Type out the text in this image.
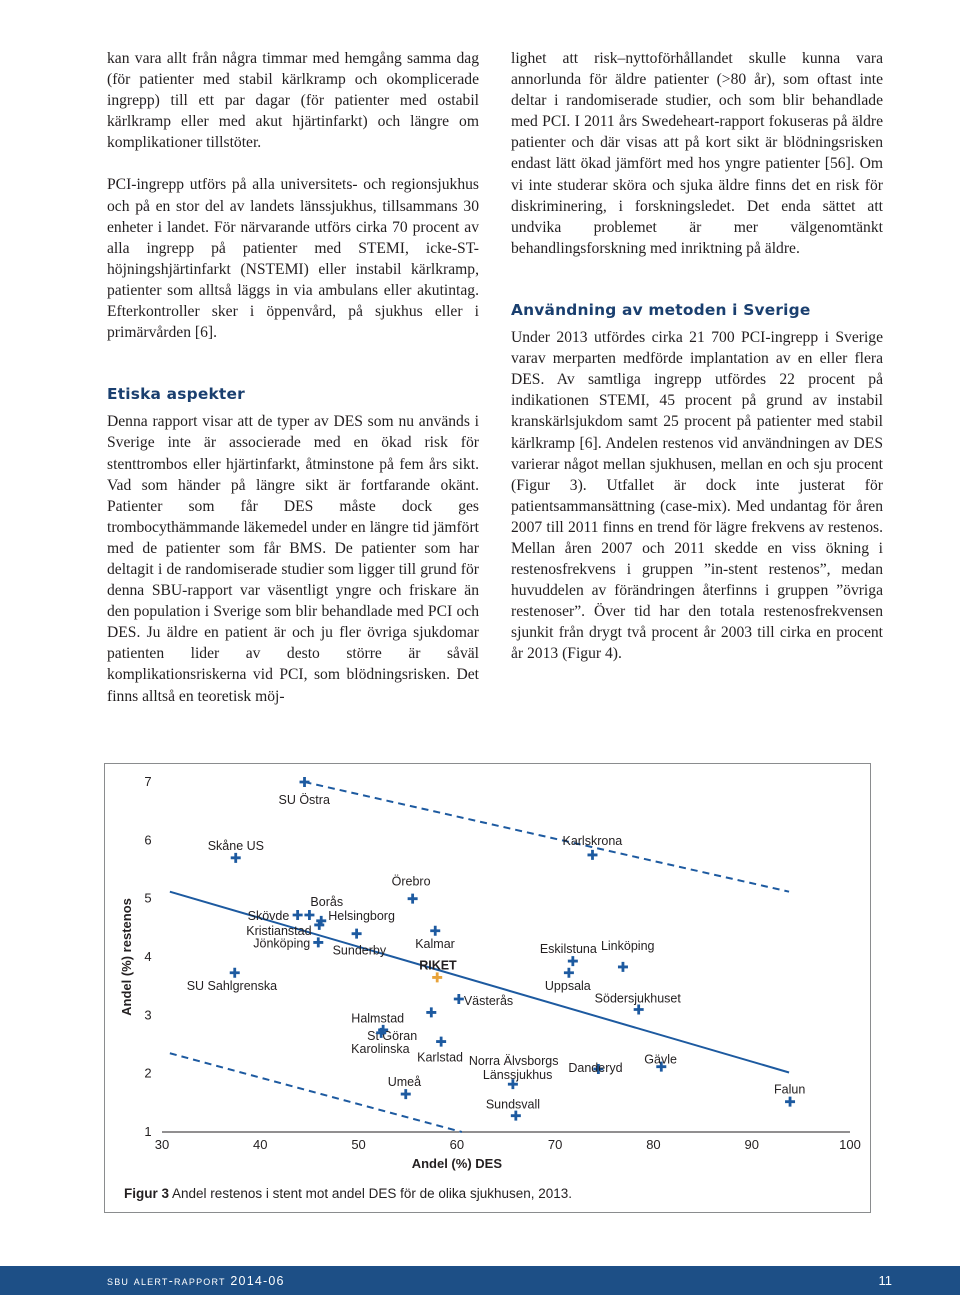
kan vara allt från några timmar med hemgång samma dag (för patienter med stabil kärlkramp och okomplicerade ingrepp) till ett par dagar (för patienter med ostabil kärlkramp eller med akut hjärtinfarkt) och längre om komplikationer tillstöter.

PCI-ingrepp utförs på alla universitets- och regionsjukhus och på en stor del av landets länssjukhus, tillsammans 30 enheter i landet. För närvarande utförs cirka 70 procent av alla ingrepp på patienter med STEMI, icke-ST-höjningshjärtinfarkt (NSTEMI) eller instabil kärlkramp, patienter som alltså läggs in via ambulans eller akutintag. Efterkontroller sker i öppenvård, på sjukhus eller i primärvården [6].

Etiska aspekter

Denna rapport visar att de typer av DES som nu används i Sverige inte är associerade med en ökad risk för stenttrombos eller hjärtinfarkt, åtminstone på fem års sikt. Vad som händer på längre sikt är fortfarande okänt. Patienter som får DES måste dock ges trombocythämmande läkemedel under en längre tid jämfört med de patienter som får BMS. De patienter som har deltagit i de randomiserade studier som ligger till grund för denna SBU-rapport var väsentligt yngre och friskare än den population i Sverige som blir behandlade med PCI och DES. Ju äldre en patient är och ju fler övriga sjukdomar patienten lider av desto större är såväl komplikationsriskerna vid PCI, som blödningsrisken. Det finns alltså en teoretisk möj-

lighet att risk–nyttoförhållandet skulle kunna vara annorlunda för äldre patienter (>80 år), som oftast inte deltar i randomiserade studier, och som blir behandlade med PCI. I 2011 års Swedeheart-rapport fokuseras på äldre patienter och där visas att på kort sikt är blödningsrisken endast lätt ökad jämfört med hos yngre patienter [56]. Om vi inte studerar sköra och sjuka äldre finns det en risk för diskriminering, i forskningsledet. Det enda sättet att undvika problemet är mer välgenomtänkt behandlingsforskning med inriktning på äldre.

Användning av metoden i Sverige

Under 2013 utfördes cirka 21 700 PCI-ingrepp i Sverige varav merparten medförde implantation av en eller flera DES. Av samtliga ingrepp utfördes 22 procent på indikationen STEMI, 45 procent på grund av instabil kranskärlsjukdom samt 25 procent på patienter med stabil kärlkramp [6]. Andelen restenos vid användningen av DES varierar något mellan sjukhusen, mellan en och sju procent (Figur 3). Utfallet är dock inte justerat för patientsammansättning (case-mix). Med undantag för åren 2007 till 2011 finns en trend för lägre frekvens av restenos. Mellan åren 2007 och 2011 skedde en viss ökning i restenosfrekvens i gruppen ”in-stent restenos”, medan huvuddelen av förändringen återfinns i gruppen ”övriga restenoser”. Över tid har den totala restenosfrekvensen sjunkit från drygt två procent år 2003 till cirka en procent år 2013 (Figur 4).

30	40	50	60	70	80	90	100
1
2
3
4
5
6
7
Andel (%) DES
Andel (%) restenos
SU Östra
Skåne US	Karlskrona
Örebro
Borås
Skövde	Helsingborg
Kristianstad
Sunderby Kalmar
Jönköping	Eskilstuna Linköping
RIKET
SU Sahlgrenska	Uppsala
Västerås	Södersjukhuset
Halmstad
St Göran
Karolinska
Karlstad
Danderyd
Gävle
Norra Älvsborgs
Länssjukhus
Umeå
Falun
Sundsvall
Figur 3 Andel restenos i stent mot andel DES för de olika sjukhusen, 2013.
sbu alert-rapport 2014-06	11
